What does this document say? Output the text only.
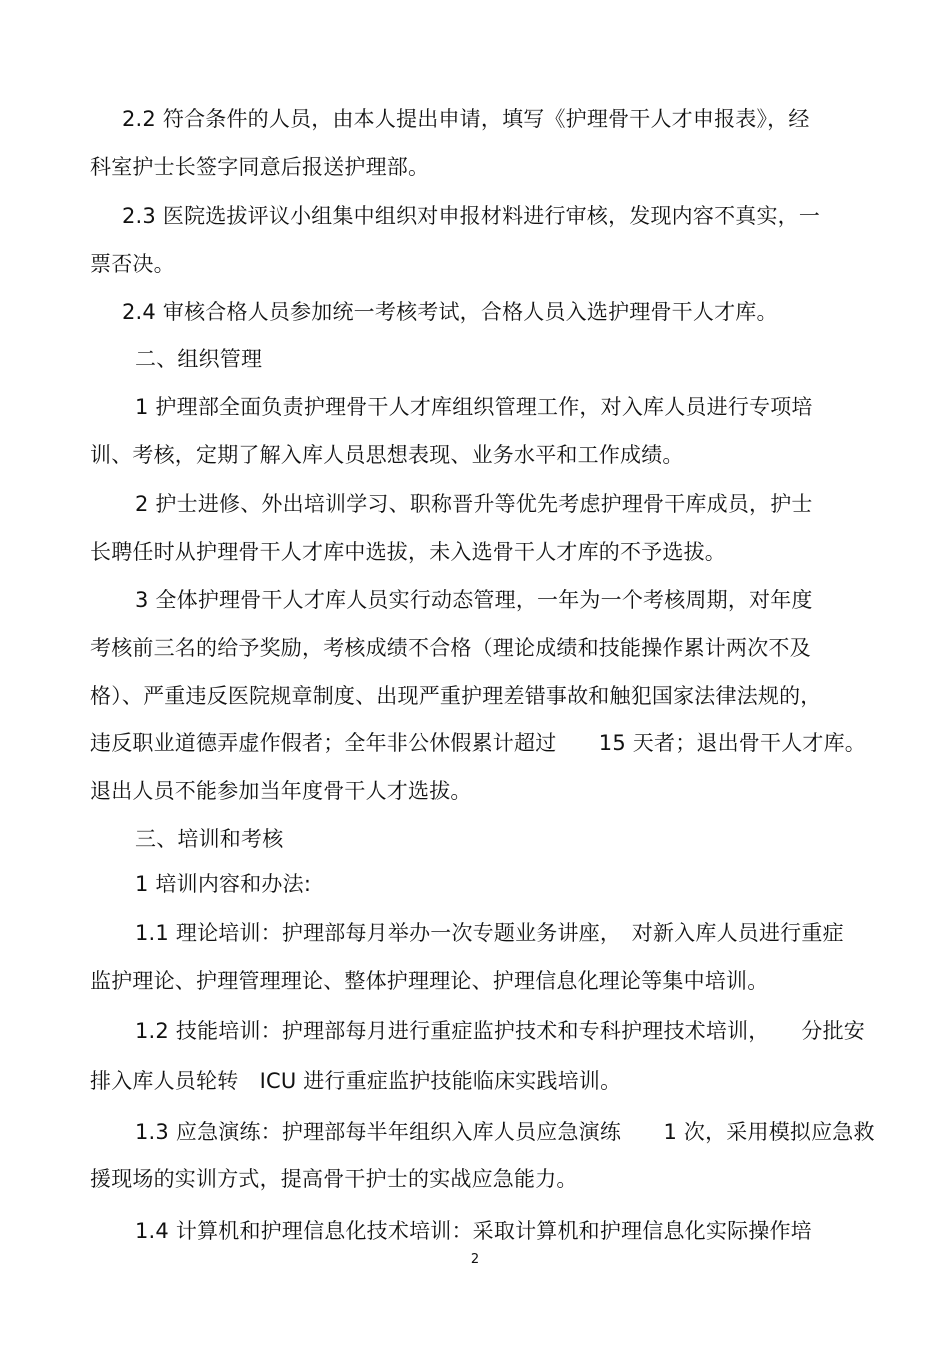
2.2 符合条件的人员，由本人提出申请，填写《护理骨干人才申报表》，经
科室护士长签字同意后报送护理部。
2.3 医院选拔评议小组集中组织对申报材料进行审核，发现内容不真实，一
票否决。
2.4 审核合格人员参加统一考核考试，合格人员入选护理骨干人才库。
二、组织管理
1 护理部全面负责护理骨干人才库组织管理工作，对入库人员进行专项培
训、考核，定期了解入库人员思想表现、业务水平和工作成绩。
2 护士进修、外出培训学习、职称晋升等优先考虑护理骨干库成员，护士
长聘任时从护理骨干人才库中选拔，未入选骨干人才库的不予选拔。
3 全体护理骨干人才库人员实行动态管理，一年为一个考核周期，对年度
考核前三名的给予奖励，考核成绩不合格（理论成绩和技能操作累计两次不及
格）、严重违反医院规章制度、出现严重护理差错事故和触犯国家法律法规的，
违反职业道德弄虚作假者；全年非公休假累计超过　　15 天者；退出骨干人才库。
退出人员不能参加当年度骨干人才选拔。
三、培训和考核
1 培训内容和办法:
1.1 理论培训：护理部每月举办一次专题业务讲座，　对新入库人员进行重症
监护理论、护理管理理论、整体护理理论、护理信息化理论等集中培训。
1.2 技能培训：护理部每月进行重症监护技术和专科护理技术培训，　　分批安
排入库人员轮转　ICU 进行重症监护技能临床实践培训。
1.3 应急演练：护理部每半年组织入库人员应急演练　　1 次，采用模拟应急救
援现场的实训方式，提高骨干护士的实战应急能力。
1.4 计算机和护理信息化技术培训：采取计算机和护理信息化实际操作培
2
